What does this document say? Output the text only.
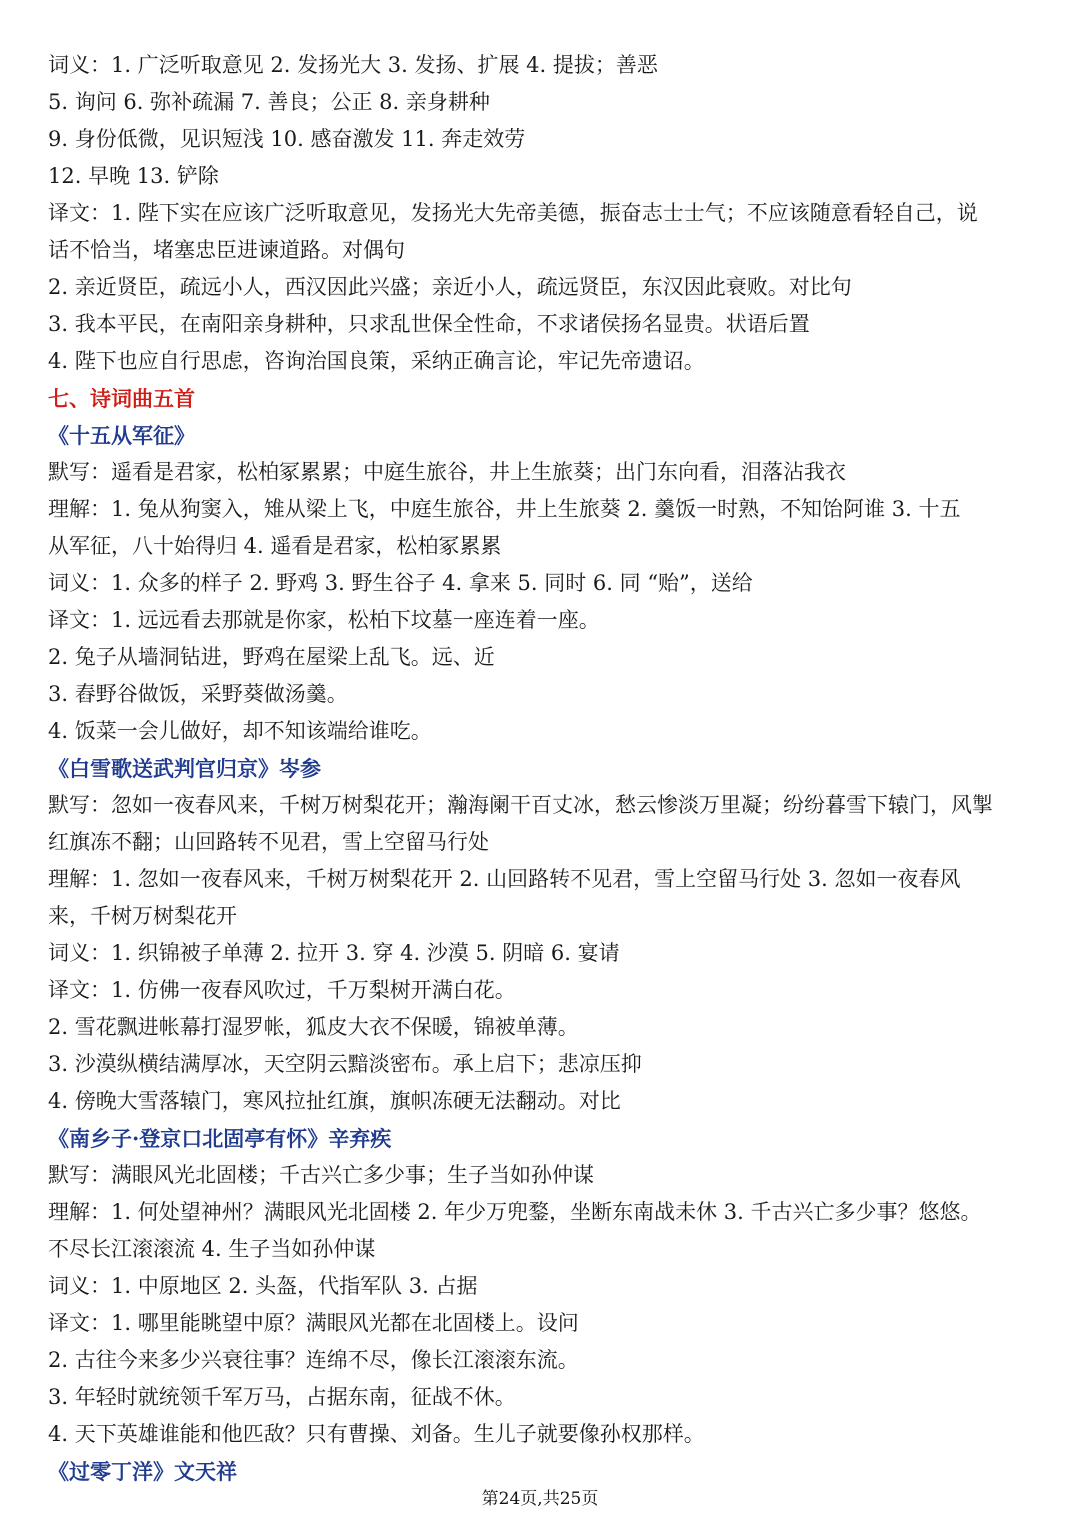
词义：1. 广泛听取意见 2. 发扬光大 3. 发扬、扩展 4. 提拔；善恶
5. 询问 6. 弥补疏漏 7. 善良；公正 8. 亲身耕种
9. 身份低微，见识短浅 10. 感奋激发 11. 奔走效劳
12. 早晚 13. 铲除
译文：1. 陛下实在应该广泛听取意见，发扬光大先帝美德，振奋志士士气；不应该随意看轻自己，说
话不恰当，堵塞忠臣进谏道路。对偶句
2. 亲近贤臣，疏远小人，西汉因此兴盛；亲近小人，疏远贤臣，东汉因此衰败。对比句
3. 我本平民，在南阳亲身耕种，只求乱世保全性命，不求诸侯扬名显贵。状语后置
4. 陛下也应自行思虑，咨询治国良策，采纳正确言论，牢记先帝遗诏。
七、诗词曲五首
《十五从军征》
默写：遥看是君家，松柏冢累累；中庭生旅谷，井上生旅葵；出门东向看，泪落沾我衣
理解：1. 兔从狗窦入，雉从梁上飞，中庭生旅谷，井上生旅葵 2. 羹饭一时熟，不知饴阿谁 3. 十五
从军征，八十始得归 4. 遥看是君家，松柏冢累累
词义：1. 众多的样子 2. 野鸡 3. 野生谷子 4. 拿来 5. 同时 6. 同 “贻”，送给
译文：1. 远远看去那就是你家，松柏下坟墓一座连着一座。
2. 兔子从墙洞钻进，野鸡在屋梁上乱飞。远、近
3. 舂野谷做饭，采野葵做汤羹。
4. 饭菜一会儿做好，却不知该端给谁吃。
《白雪歌送武判官归京》岑参
默写：忽如一夜春风来，千树万树梨花开；瀚海阑干百丈冰，愁云惨淡万里凝；纷纷暮雪下辕门，风掣
红旗冻不翻；山回路转不见君，雪上空留马行处
理解：1. 忽如一夜春风来，千树万树梨花开 2. 山回路转不见君，雪上空留马行处 3. 忽如一夜春风
来，千树万树梨花开
词义：1. 织锦被子单薄 2. 拉开 3. 穿 4. 沙漠 5. 阴暗 6. 宴请
译文：1. 仿佛一夜春风吹过，千万梨树开满白花。
2. 雪花飘进帐幕打湿罗帐，狐皮大衣不保暖，锦被单薄。
3. 沙漠纵横结满厚冰，天空阴云黯淡密布。承上启下；悲凉压抑
4. 傍晚大雪落辕门，寒风拉扯红旗，旗帜冻硬无法翻动。对比
《南乡子·登京口北固亭有怀》辛弃疾
默写：满眼风光北固楼；千古兴亡多少事；生子当如孙仲谋
理解：1. 何处望神州？满眼风光北固楼 2. 年少万兜鍪，坐断东南战未休 3. 千古兴亡多少事？悠悠。
不尽长江滚滚流 4. 生子当如孙仲谋
词义：1. 中原地区 2. 头盔，代指军队 3. 占据
译文：1. 哪里能眺望中原？满眼风光都在北固楼上。设问
2. 古往今来多少兴衰往事？连绵不尽，像长江滚滚东流。
3. 年轻时就统领千军万马，占据东南，征战不休。
4. 天下英雄谁能和他匹敌？只有曹操、刘备。生儿子就要像孙权那样。
《过零丁洋》文天祥
第24页,共25页
